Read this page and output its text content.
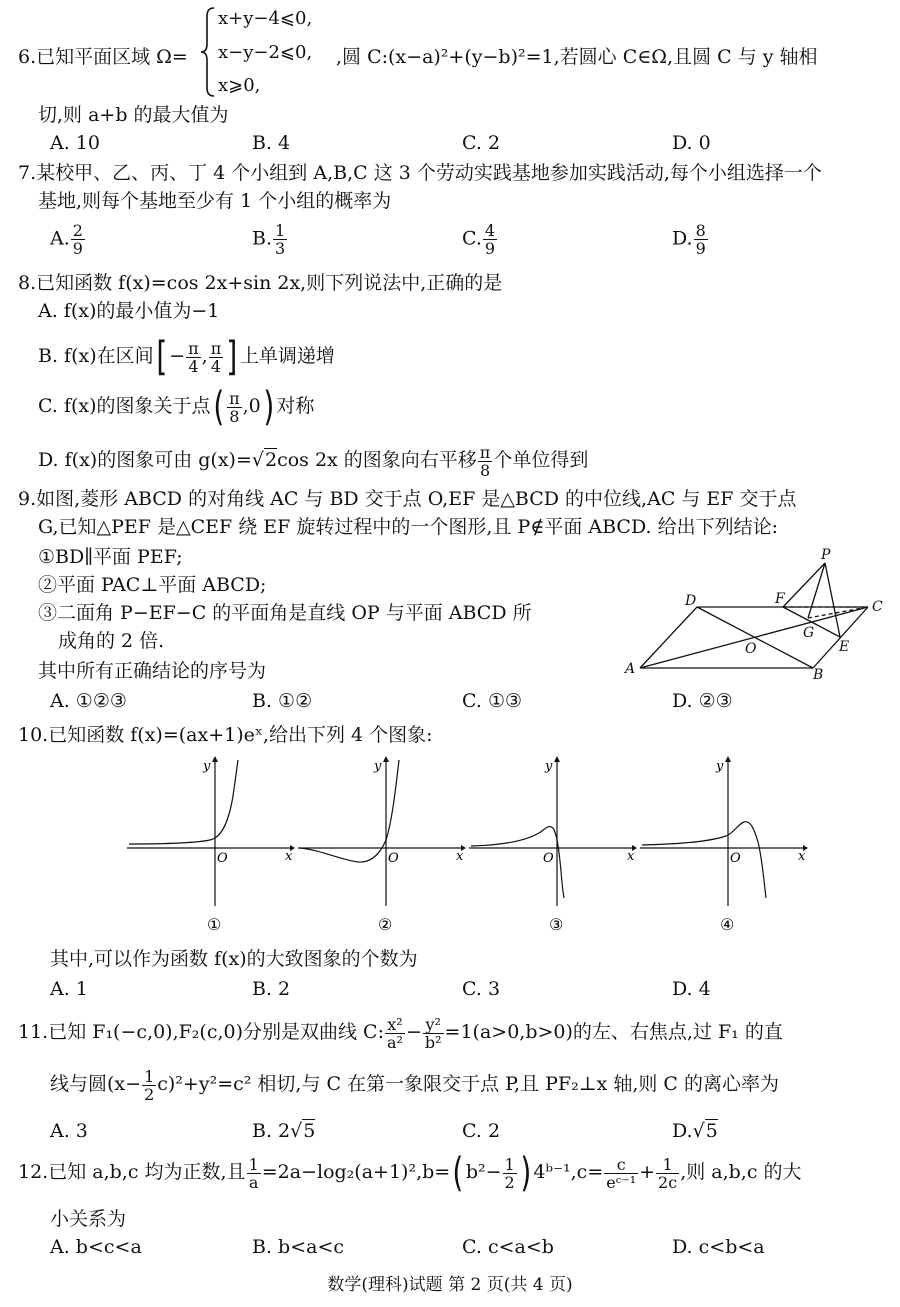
6.已知平面区域 Ω=
x+y−4⩽0,
x−y−2⩽0,
x⩾0,
,圆 C:(x−a)²+(y−b)²=1,若圆心 C∈Ω,且圆 C 与 y 轴相
切,则 a+b 的最大值为
A. 10	B. 4	C. 2	D. 0
7.某校甲、乙、丙、丁 4 个小组到 A,B,C 这 3 个劳动实践基地参加实践活动,每个小组选择一个
基地,则每个基地至少有 1 个小组的概率为
A. $\frac{2}{9}$	B. $\frac{1}{3}$	C. $\frac{4}{9}$	D. $\frac{8}{9}$
8.已知函数 f(x)=cos 2x+sin 2x,则下列说法中,正确的是
A. f(x)的最小值为−1
B. f(x)在区间[ − $\frac{\pi}{4}$ , $\frac{\pi}{4}$ ] 上单调递增
C. f(x)的图象关于点( $\frac{\pi}{8} ,0$) 对称
D. f(x)的图象可由 g(x)=√2cos 2x 的图象向右平移 $\frac{\pi}{8}$ 个单位得到
9.如图,菱形 ABCD 的对角线 AC 与 BD 交于点 O,EF 是△BCD 的中位线,AC 与 EF 交于点
G,已知△PEF 是△CEF 绕 EF 旋转过程中的一个图形,且 P∉平面 ABCD. 给出下列结论:
①BD∥平面 PEF;
②平面 PAC⊥平面 ABCD;
③二面角 P−EF−C 的平面角是直线 OP 与平面 ABCD 所
成角的 2 倍.
其中所有正确结论的序号为
A. ①②③	B. ①②	C. ①③	D. ②③
P
D	F	C
G
E
O
A	B
10.已知函数 f(x)=(ax+1)eˣ,给出下列 4 个图象:
y
x
O
①
y
x
O
②
y
x
O
③
y
x
O
④
其中,可以作为函数 f(x)的大致图象的个数为
A. 1	B. 2	C. 3	D. 4
11.已知 F₁(−c,0),F₂(c,0)分别是双曲线 C: $\frac{\text{x²}}{\text{a²}} - \frac{\text{y²}}{\text{b²}} =1(a>0,b>0)$的左、右焦点,过 F₁ 的直
线与圆$(x- \frac{1}{2} c)^2+y^2=c^2$ 相切,与 C 在第一象限交于点 P,且 PF₂⊥x 轴,则 C 的离心率为
A. 3	B. 2√5	C. 2	D.√5
12.已知 a,b,c 均为正数,且 $\frac{1}{a} =2a-\log_2(a+1)^2,b=$( $b^2- \frac{1}{2}$ ) 4ᵇ⁻¹,c= $\frac{c}{\text{eᶜ⁻¹}} + \frac{1}{2c}$ ,则 a,b,c 的大
小关系为
A. b<c<a	B. b<a<c	C. c<a<b	D. c<b<a
数学(理科)试题 第 2 页(共 4 页)
